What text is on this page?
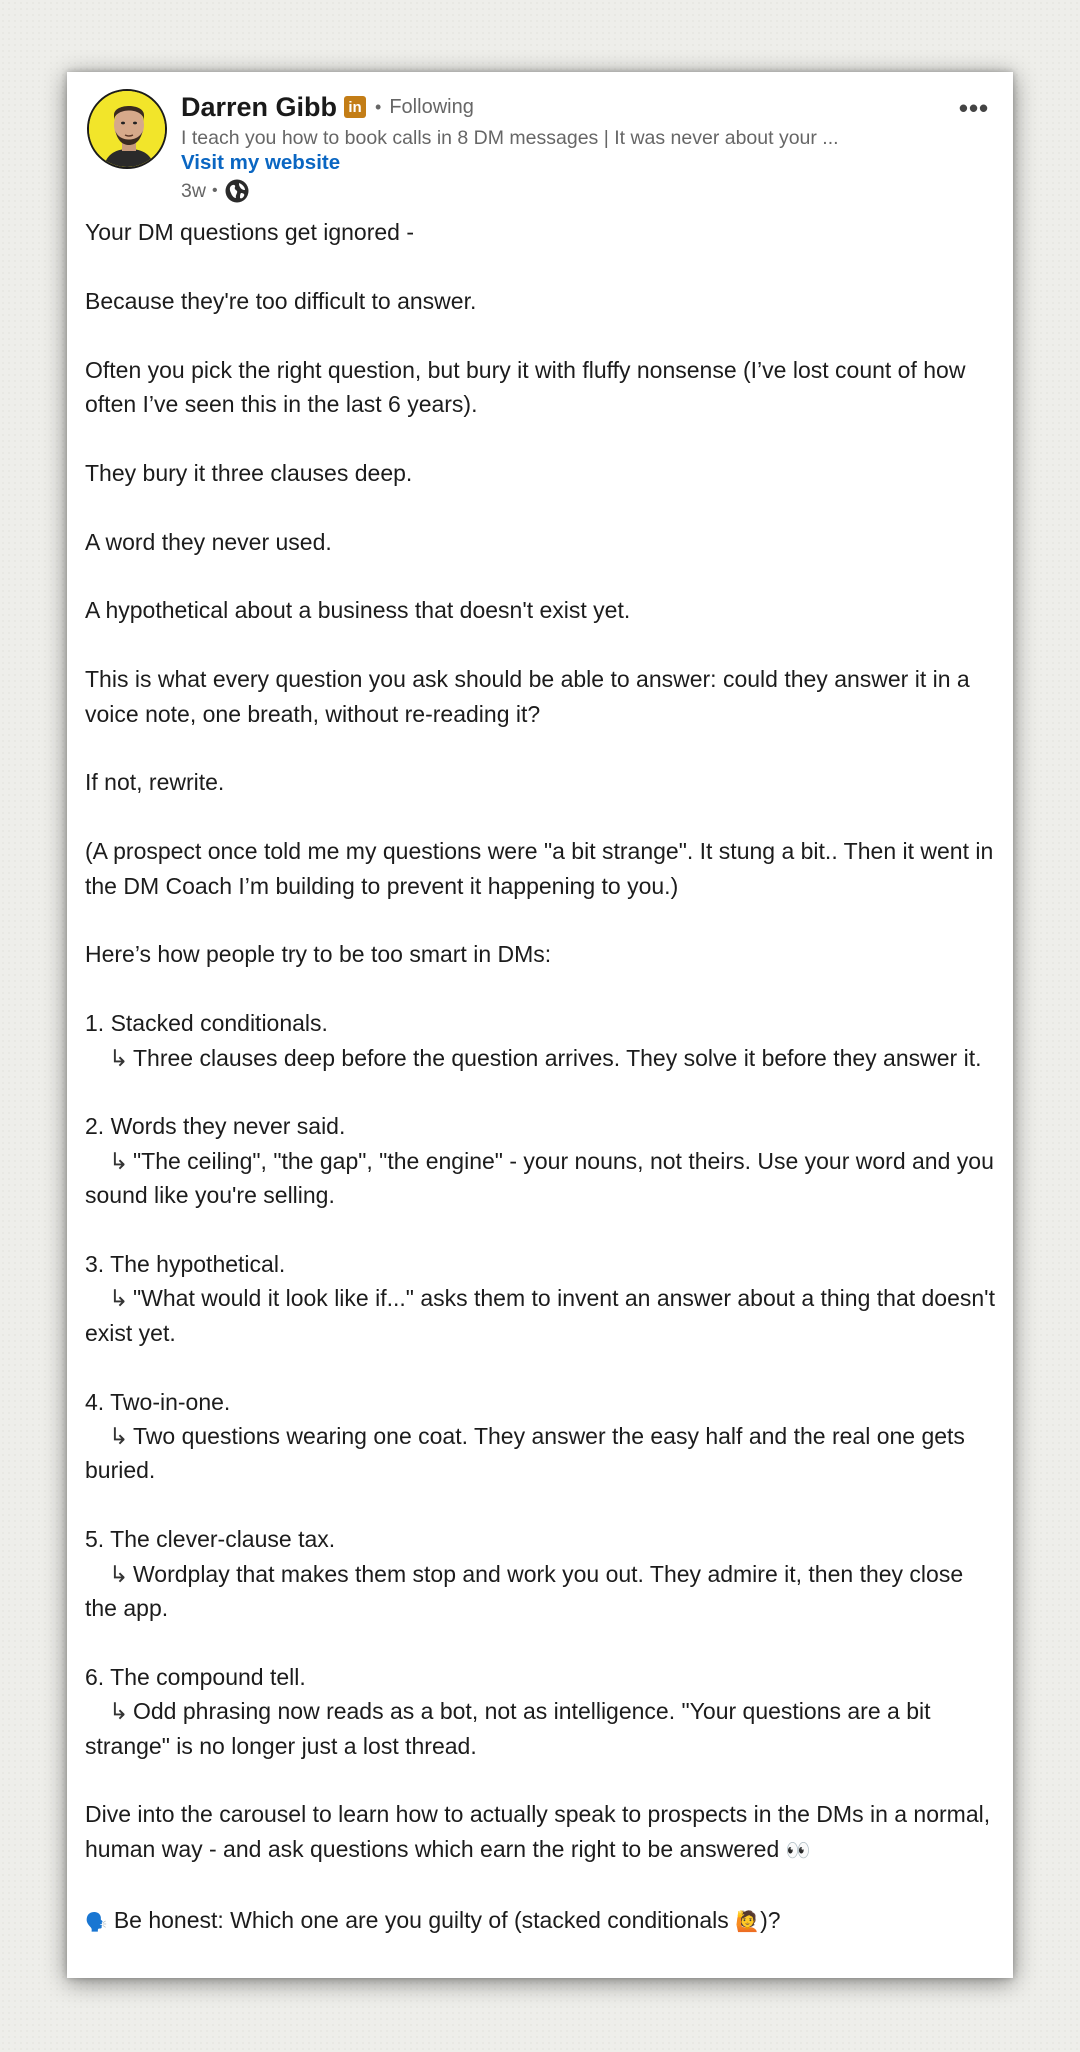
Darren Gibb in • Following	•••
I teach you how to book calls in 8 DM messages | It was never about your ...
Visit my website
3w •

Your DM questions get ignored -

Because they're too difficult to answer.

Often you pick the right question, but bury it with fluffy nonsense (I’ve lost count of how often I’ve seen this in the last 6 years).

They bury it three clauses deep.

A word they never used.

A hypothetical about a business that doesn't exist yet.

This is what every question you ask should be able to answer: could they answer it in a voice note, one breath, without re-reading it?

If not, rewrite.

(A prospect once told me my questions were "a bit strange". It stung a bit.. Then it went in the DM Coach I’m building to prevent it happening to you.)

Here’s how people try to be too smart in DMs:

1. Stacked conditionals.
↳ Three clauses deep before the question arrives. They solve it before they answer it.

2. Words they never said.
↳ "The ceiling", "the gap", "the engine" - your nouns, not theirs. Use your word and you sound like you're selling.

3. The hypothetical.
↳ "What would it look like if..." asks them to invent an answer about a thing that doesn't exist yet.

4. Two-in-one.
↳ Two questions wearing one coat. They answer the easy half and the real one gets buried.

5. The clever-clause tax.
↳ Wordplay that makes them stop and work you out. They admire it, then they close the app.

6. The compound tell.
↳ Odd phrasing now reads as a bot, not as intelligence. "Your questions are a bit strange" is no longer just a lost thread.

Dive into the carousel to learn how to actually speak to prospects in the DMs in a normal, human way - and ask questions which earn the right to be answered 👀

🗣️ Be honest: Which one are you guilty of (stacked conditionals 🙋)?
